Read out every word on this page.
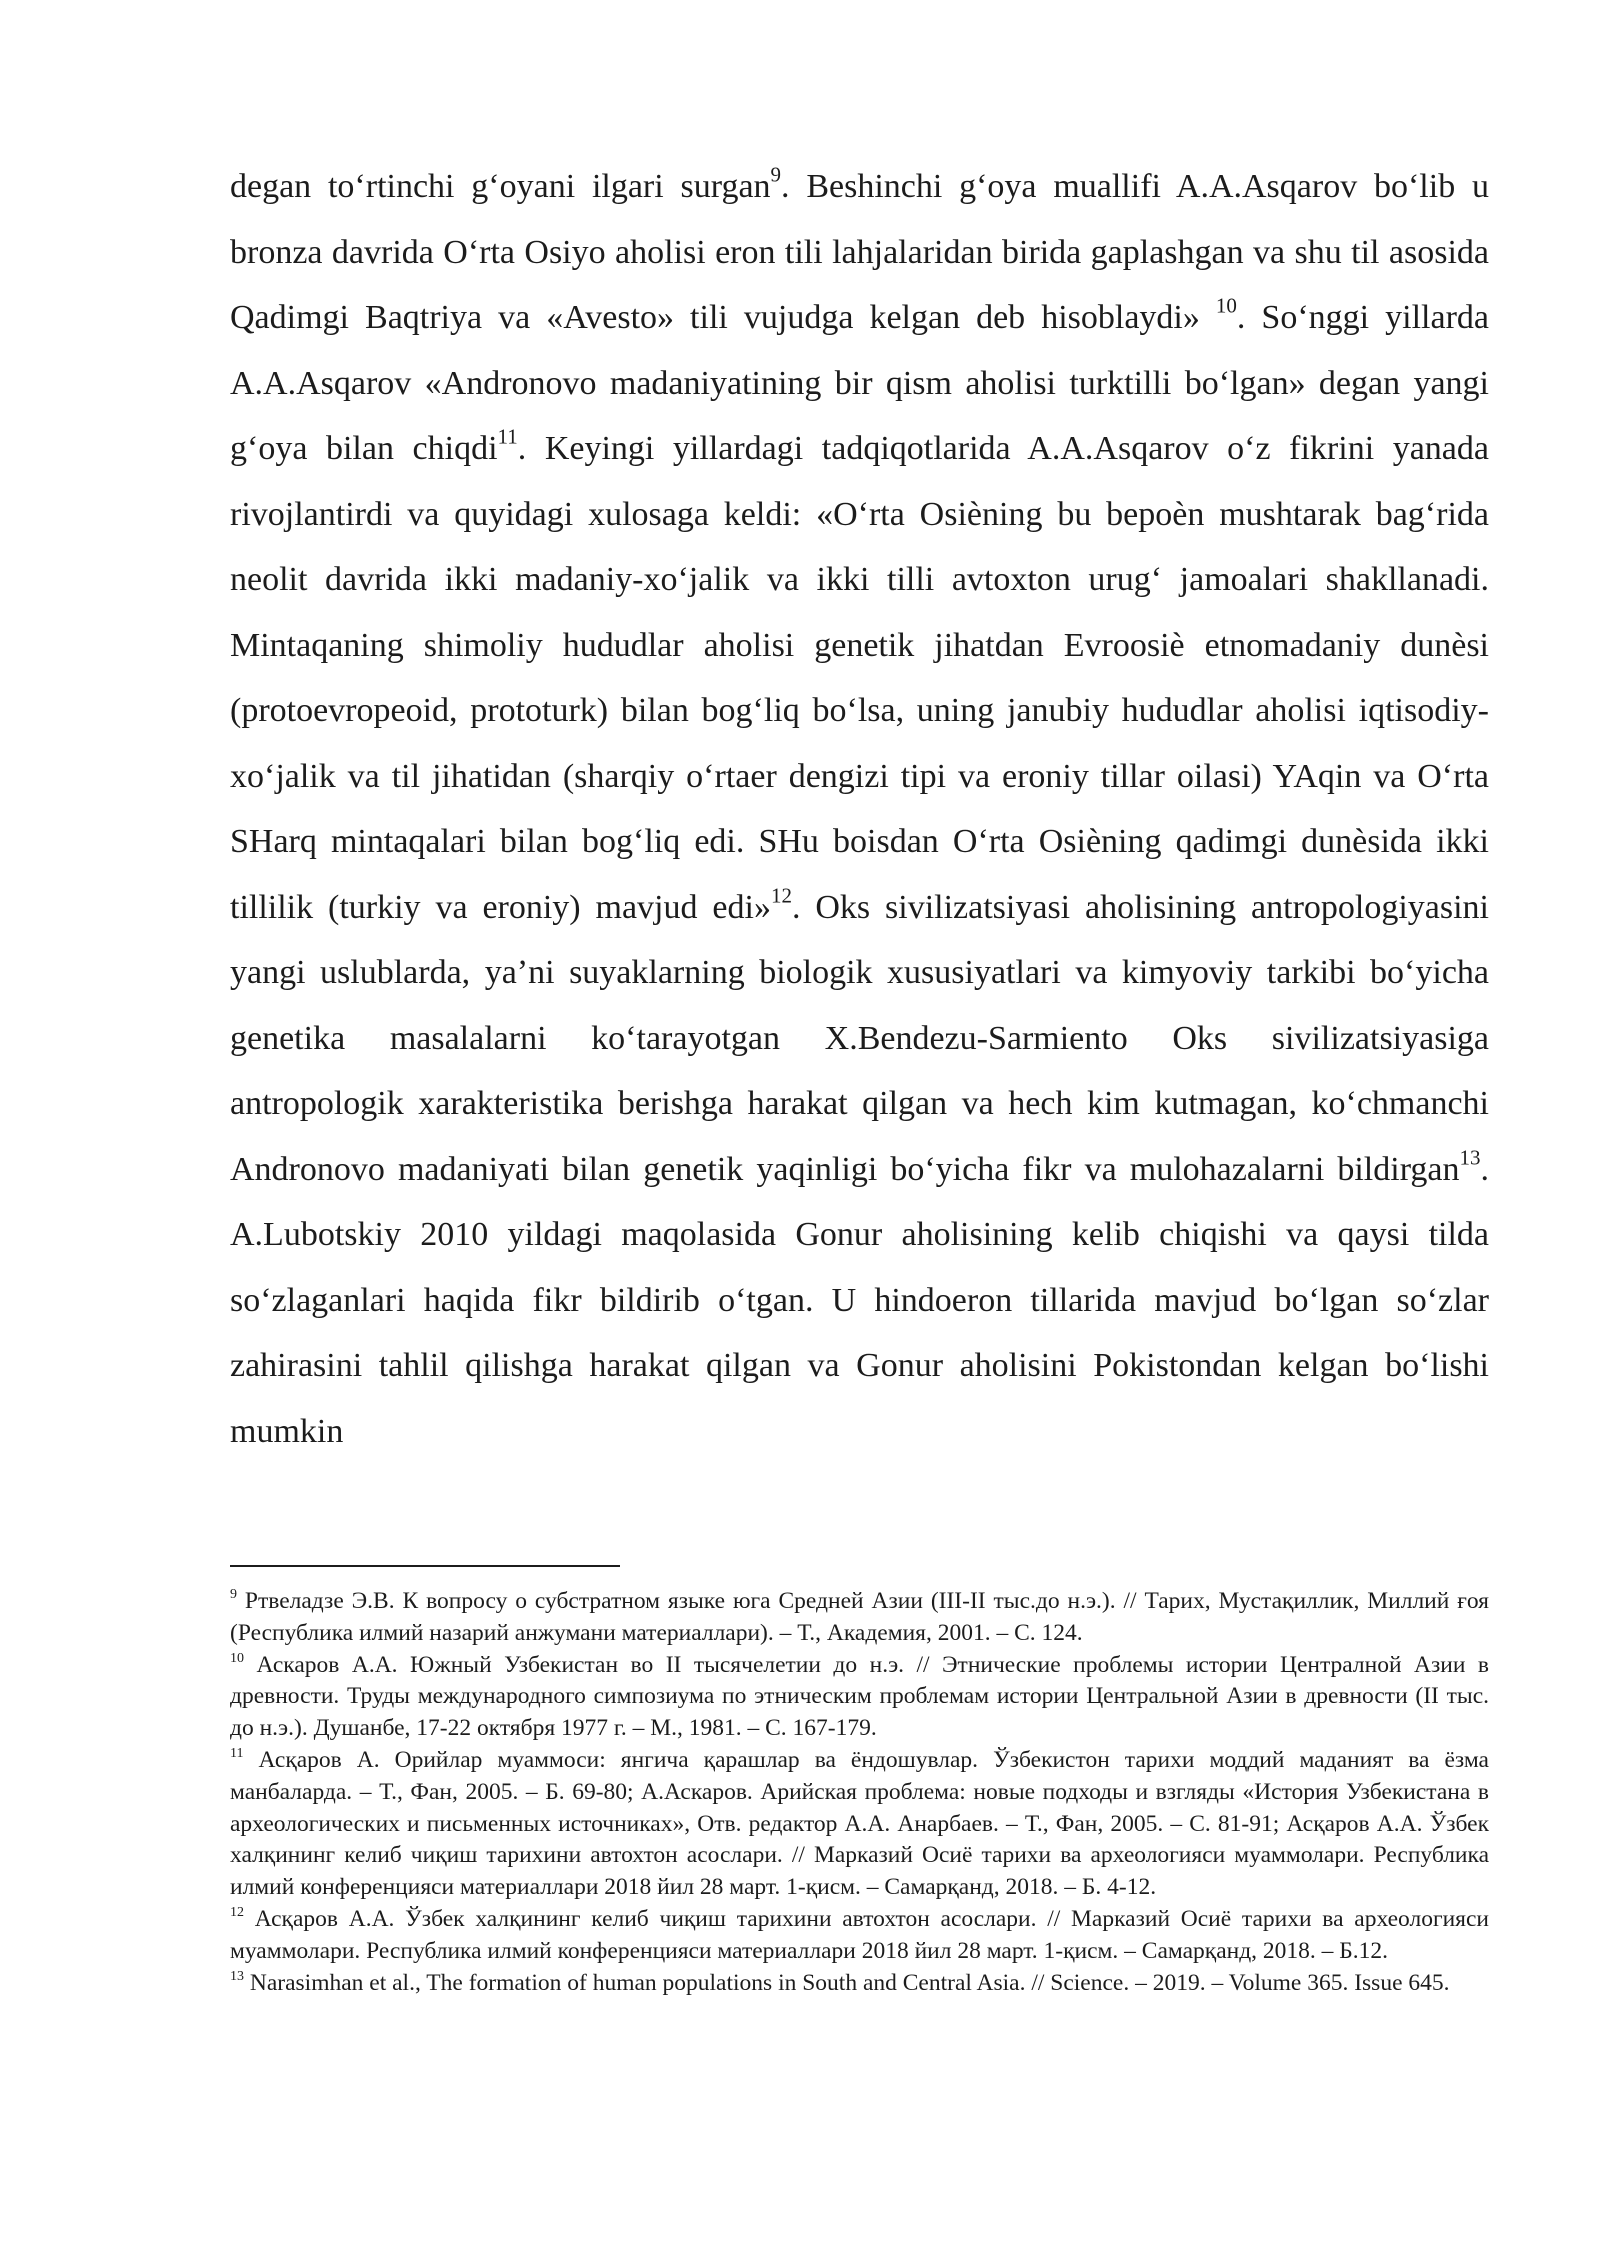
degan toʻrtinchi gʻoyani ilgari surgan$^9$. Beshinchi gʻoya muallifi A.A.Asqarov boʻlib u bronza davrida Oʻrta Osiyo aholisi eron tili lahjalaridan birida gaplashgan va shu til asosida Qadimgi Baqtriya va «Avesto» tili vujudga kelgan deb hisoblaydi» $^{10}$. Soʻnggi yillarda A.A.Asqarov «Andronovo madaniyatining bir qism aholisi turktilli boʻlgan» degan yangi gʻoya bilan chiqdi$^{11}$. Keyingi yillardagi tadqiqotlarida A.A.Asqarov oʻz fikrini yanada rivojlantirdi va quyidagi xulosaga keldi: «Oʻrta Osiѐning bu bepoѐn mushtarak bagʻrida neolit davrida ikki madaniy-xoʻjalik va ikki tilli avtoxton urugʻ jamoalari shakllanadi. Mintaqaning shimoliy hududlar aholisi genetik jihatdan Evroosiѐ etnomadaniy dunѐsi (protoevropeoid, prototurk) bilan bogʻliq boʻlsa, uning janubiy hududlar aholisi iqtisodiy-xoʻjalik va til jihatidan (sharqiy oʻrtaer dengizi tipi va eroniy tillar oilasi) YAqin va Oʻrta SHarq mintaqalari bilan bogʻliq edi. SHu boisdan Oʻrta Osiѐning qadimgi dunѐsida ikki tillilik (turkiy va eroniy) mavjud edi»$^{12}$. Oks sivilizatsiyasi aholisining antropologiyasini yangi uslublarda, yaʼni suyaklarning biologik xususiyatlari va kimyoviy tarkibi boʻyicha genetika masalalarni koʻtarayotgan X.Bendezu-Sarmiento Oks sivilizatsiyasiga antropologik xarakteristika berishga harakat qilgan va hech kim kutmagan, koʻchmanchi Andronovo madaniyati bilan genetik yaqinligi boʻyicha fikr va mulohazalarni bildirgan$^{13}$. A.Lubotskiy 2010 yildagi maqolasida Gonur aholisining kelib chiqishi va qaysi tilda soʻzlaganlari haqida fikr bildirib oʻtgan. U hindoeron tillarida mavjud boʻlgan soʻzlar zahirasini tahlil qilishga harakat qilgan va Gonur aholisini Pokistondan kelgan boʻlishi mumkin

$^9$ Ртвеладзе Э.В. К вопросу о субстратном языке юга Средней Азии (III-II тыс.до н.э.). // Тарих, Мустақиллик, Миллий ғоя (Республика илмий назарий анжумани материаллари). – Т., Академия, 2001. – С. 124.

$^{10}$ Аскаров А.А. Южный Узбекистан во II тысячелетии до н.э. // Этнические проблемы истории Централной Азии в древности. Труды международного симпозиума по этническим проблемам истории Центральной Азии в древности (II тыс. до н.э.). Душанбе, 17-22 октября 1977 г. – М., 1981. – С. 167-179.

$^{11}$ Асқаров А. Орийлар муаммоси: янгича қарашлар ва ёндошувлар. Ўзбекистон тарихи моддий маданият ва ёзма манбаларда. – Т., Фан, 2005. – Б. 69-80; А.Аскаров. Арийская проблема: новые подходы и взгляды «История Узбекистана в археологических и письменных источниках», Отв. редактор А.А. Анарбаев. – Т., Фан, 2005. – С. 81-91; Асқаров А.А. Ўзбек халқининг келиб чиқиш тарихини автохтон асослари. // Марказий Осиё тарихи ва археологияси муаммолари. Республика илмий конференцияси материаллари 2018 йил 28 март. 1-қисм. – Самарқанд, 2018. – Б. 4-12.

$^{12}$ Асқаров А.А. Ўзбек халқининг келиб чиқиш тарихини автохтон асослари. // Марказий Осиё тарихи ва археологияси муаммолари. Республика илмий конференцияси материаллари 2018 йил 28 март. 1-қисм. – Самарқанд, 2018. – Б.12.

$^{13}$ Narasimhan et al., The formation of human populations in South and Central Asia. // Science. – 2019. – Volume 365. Issue 645.
